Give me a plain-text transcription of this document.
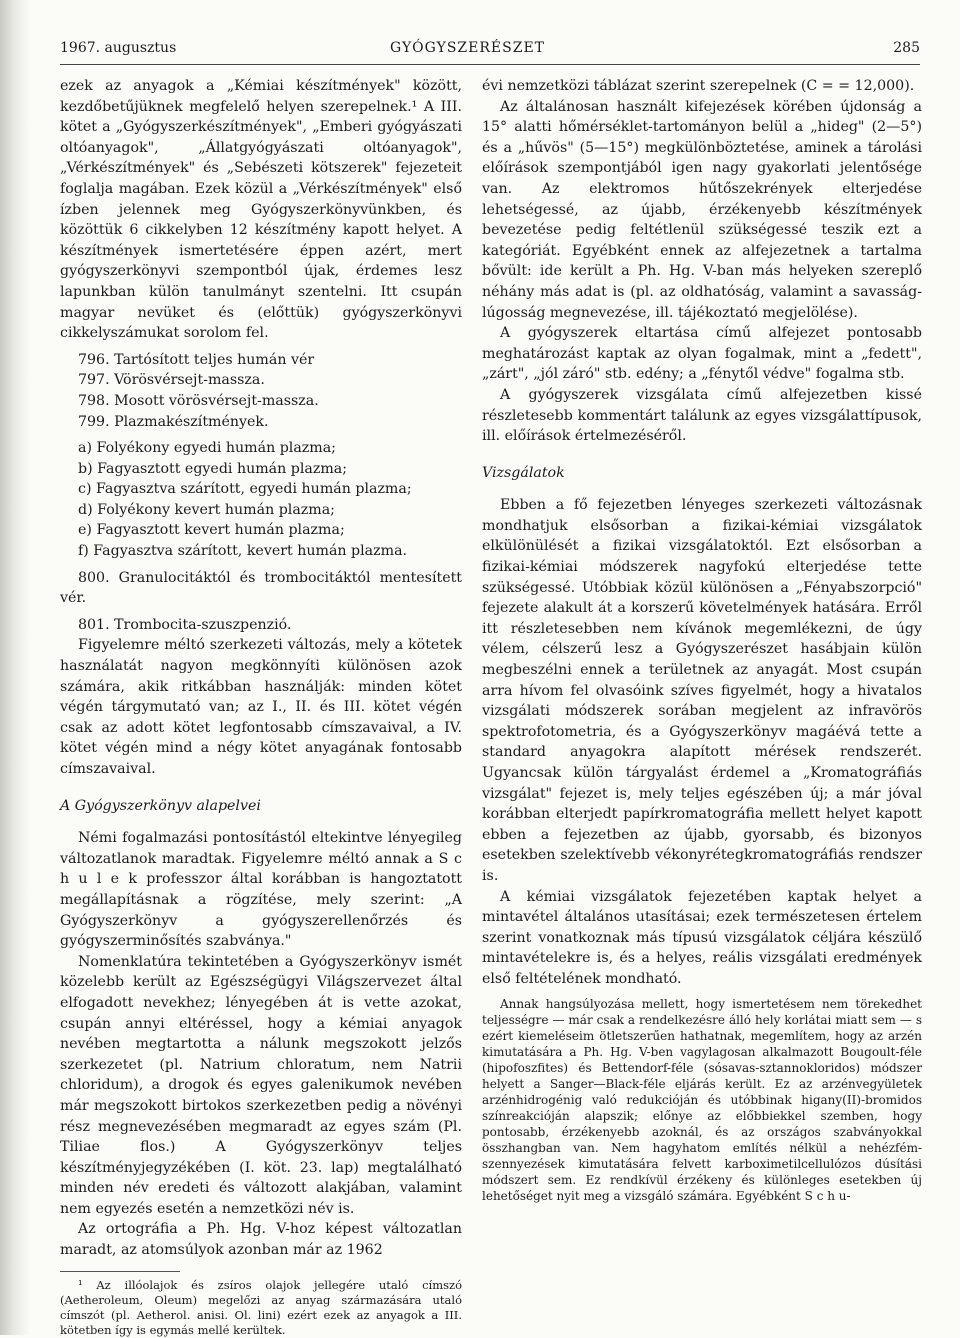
1967. augusztus	GYÓGYSZERÉSZET	285

ezek az anyagok a „Kémiai készítmények" között, kezdőbetűjüknek megfelelő helyen szerepelnek.¹ A III. kötet a „Gyógyszerkészítmények", „Emberi gyógyászati oltóanyagok", „Állatgyógyászati oltóanyagok", „Vérkészítmények" és „Sebészeti kötszerek" fejezeteit foglalja magában. Ezek közül a „Vérkészítmények" első ízben jelennek meg Gyógyszerkönyvünkben, és közöttük 6 cikkelyben 12 készítmény kapott helyet. A készítmények ismertetésére éppen azért, mert gyógyszerkönyvi szempontból újak, érdemes lesz lapunkban külön tanulmányt szentelni. Itt csupán magyar nevüket és (előttük) gyógyszerkönyvi cikkelyszámukat sorolom fel.

796. Tartósított teljes humán vér
797. Vörösvérsejt-massza.
798. Mosott vörösvérsejt-massza.
799. Plazmakészítmények.
a) Folyékony egyedi humán plazma;
b) Fagyasztott egyedi humán plazma;
c) Fagyasztva szárított, egyedi humán plazma;
d) Folyékony kevert humán plazma;
e) Fagyasztott kevert humán plazma;
f) Fagyasztva szárított, kevert humán plazma.

800. Granulocitáktól és trombocitáktól mentesített vér.

801. Trombocita-szuszpenzió.

Figyelemre méltó szerkezeti változás, mely a kötetek használatát nagyon megkönnyíti különösen azok számára, akik ritkábban használják: minden kötet végén tárgymutató van; az I., II. és III. kötet végén csak az adott kötet legfontosabb címszavaival, a IV. kötet végén mind a négy kötet anyagának fontosabb címszavaival.

A Gyógyszerkönyv alapelvei

Némi fogalmazási pontosítástól eltekintve lényegileg változatlanok maradtak. Figyelemre méltó annak a S c h u l e k professzor által korábban is hangoztatott megállapításnak a rögzítése, mely szerint: „A Gyógyszerkönyv a gyógyszerellenőrzés és gyógyszerminősítés szabványa."

Nomenklatúra tekintetében a Gyógyszerkönyv ismét közelebb került az Egészségügyi Világszervezet által elfogadott nevekhez; lényegében át is vette azokat, csupán annyi eltéréssel, hogy a kémiai anyagok nevében megtartotta a nálunk megszokott jelzős szerkezetet (pl. Natrium chloratum, nem Natrii chloridum), a drogok és egyes galenikumok nevében már megszokott birtokos szerkezetben pedig a növényi rész megnevezésében megmaradt az egyes szám (Pl. Tiliae flos.) A Gyógyszerkönyv teljes készítményjegyzékében (I. köt. 23. lap) megtalálható minden név eredeti és változott alakjában, valamint nem egyezés esetén a nemzetközi név is.

Az ortográfia a Ph. Hg. V-hoz képest változatlan maradt, az atomsúlyok azonban már az 1962

¹ Az illóolajok és zsíros olajok jellegére utaló címszó (Aetheroleum, Oleum) megelőzi az anyag származására utaló címszót (pl. Aetherol. anisi. Ol. lini) ezért ezek az anyagok a III. kötetben így is egymás mellé kerültek.

évi nemzetközi táblázat szerint szerepelnek (C = = 12,000).

Az általánosan használt kifejezések körében újdonság a 15° alatti hőmérséklet-tartományon belül a „hideg" (2—5°) és a „hűvös" (5—15°) megkülönböztetése, aminek a tárolási előírások szempontjából igen nagy gyakorlati jelentősége van. Az elektromos hűtőszekrények elterjedése lehetségessé, az újabb, érzékenyebb készítmények bevezetése pedig feltétlenül szükségessé teszik ezt a kategóriát. Egyébként ennek az alfejezetnek a tartalma bővült: ide került a Ph. Hg. V-ban más helyeken szereplő néhány más adat is (pl. az oldhatóság, valamint a savasság-lúgosság megnevezése, ill. tájékoztató megjelölése).

A gyógyszerek eltartása című alfejezet pontosabb meghatározást kaptak az olyan fogalmak, mint a „fedett", „zárt", „jól záró" stb. edény; a „fénytől védve" fogalma stb.

A gyógyszerek vizsgálata című alfejezetben kissé részletesebb kommentárt találunk az egyes vizsgálattípusok, ill. előírások értelmezéséről.

Vizsgálatok

Ebben a fő fejezetben lényeges szerkezeti változásnak mondhatjuk elsősorban a fizikai-kémiai vizsgálatok elkülönülését a fizikai vizsgálatoktól. Ezt elsősorban a fizikai-kémiai módszerek nagyfokú elterjedése tette szükségessé. Utóbbiak közül különösen a „Fényabszorpció" fejezete alakult át a korszerű követelmények hatására. Erről itt részletesebben nem kívánok megemlékezni, de úgy vélem, célszerű lesz a Gyógyszerészet hasábjain külön megbeszélni ennek a területnek az anyagát. Most csupán arra hívom fel olvasóink szíves figyelmét, hogy a hivatalos vizsgálati módszerek sorában megjelent az infravörös spektrofotometria, és a Gyógyszerkönyv magáévá tette a standard anyagokra alapított mérések rendszerét. Ugyancsak külön tárgyalást érdemel a „Kromatográfiás vizsgálat" fejezet is, mely teljes egészében új; a már jóval korábban elterjedt papírkromatográfia mellett helyet kapott ebben a fejezetben az újabb, gyorsabb, és bizonyos esetekben szelektívebb vékonyrétegkromatográfiás rendszer is.

A kémiai vizsgálatok fejezetében kaptak helyet a mintavétel általános utasításai; ezek természetesen értelem szerint vonatkoznak más típusú vizsgálatok céljára készülő mintavételekre is, és a helyes, reális vizsgálati eredmények első feltételének mondható.

Annak hangsúlyozása mellett, hogy ismertetésem nem törekedhet teljességre — már csak a rendelkezésre álló hely korlátai miatt sem — s ezért kiemeléseim ötletszerűen hathatnak, megemlítem, hogy az arzén kimutatására a Ph. Hg. V-ben vagylagosan alkalmazott Bougoult-féle (hipofoszfites) és Bettendorf-féle (sósavas-sztannokloridos) módszer helyett a Sanger—Black-féle eljárás került. Ez az arzénvegyületek arzénhidrogénig való redukcióján és utóbbinak higany(II)-bromidos színreakcióján alapszik; előnye az előbbiekkel szemben, hogy pontosabb, érzékenyebb azoknál, és az országos szabványokkal összhangban van. Nem hagyhatom említés nélkül a nehézfém-szennyezések kimutatására felvett karboximetilcellulózos dúsítási módszert sem. Ez rendkívül érzékeny és különleges esetekben új lehetőséget nyit meg a vizsgáló számára. Egyébként S c h u-
